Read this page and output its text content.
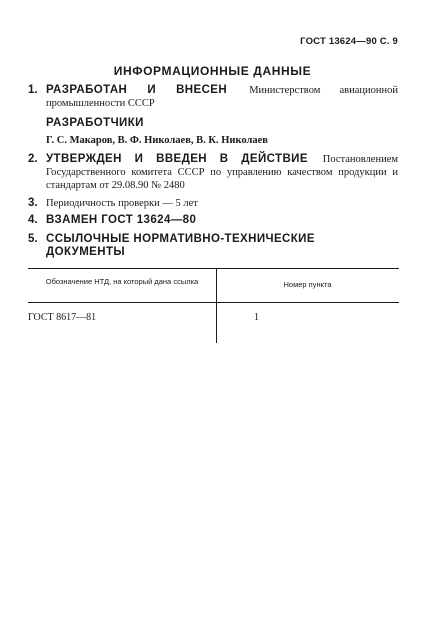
ГОСТ 13624—90 С. 9
ИНФОРМАЦИОННЫЕ ДАННЫЕ
1. РАЗРАБОТАН И ВНЕСЕН Министерством авиационной промышленности СССР
РАЗРАБОТЧИКИ
Г. С. Макаров, В. Ф. Николаев, В. К. Николаев
2. УТВЕРЖДЕН И ВВЕДЕН В ДЕЙСТВИЕ Постановлением Государственного комитета СССР по управлению качеством продукции и стандартам от 29.08.90 № 2480
3. Периодичность проверки — 5 лет
4. ВЗАМЕН ГОСТ 13624—80
5. ССЫЛОЧНЫЕ НОРМАТИВНО-ТЕХНИЧЕСКИЕ ДОКУМЕНТЫ
Обозначение НТД, на который дана ссылка	Номер пункта
ГОСТ 8617—81	1
